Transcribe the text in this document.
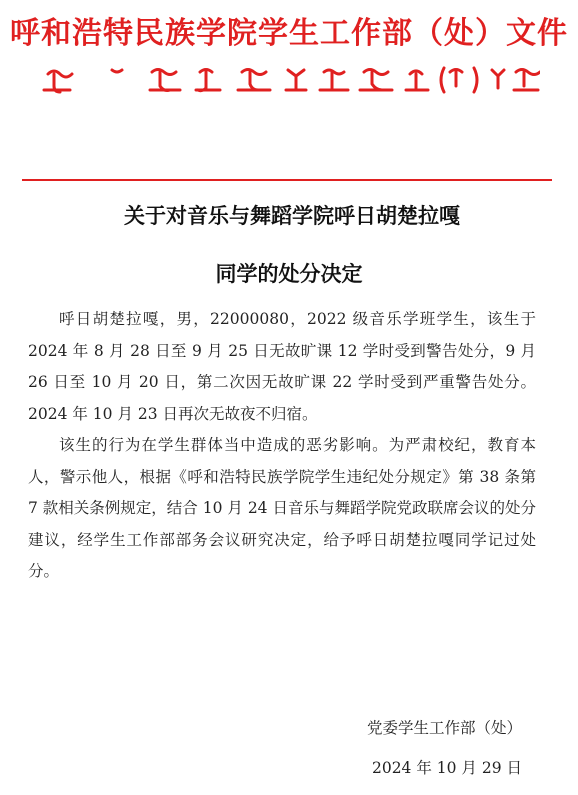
呼和浩特民族学院学生工作部（处）文件
关于对音乐与舞蹈学院呼日胡楚拉嘎
同学的处分决定

呼日胡楚拉嘎，男，22000080，2022 级音乐学班学生，该生于 2024 年 8 月 28 日至 9 月 25 日无故旷课 12 学时受到警告处分，9 月 26 日至 10 月 20 日，第二次因无故旷课 22 学时受到严重警告处分。2024 年 10 月 23 日再次无故夜不归宿。

该生的行为在学生群体当中造成的恶劣影响。为严肃校纪，教育本人，警示他人，根据《呼和浩特民族学院学生违纪处分规定》第 38 条第 7 款相关条例规定，结合 10 月 24 日音乐与舞蹈学院党政联席会议的处分建议，经学生工作部部务会议研究决定，给予呼日胡楚拉嘎同学记过处分。

党委学生工作部（处）
2024 年 10 月 29 日
